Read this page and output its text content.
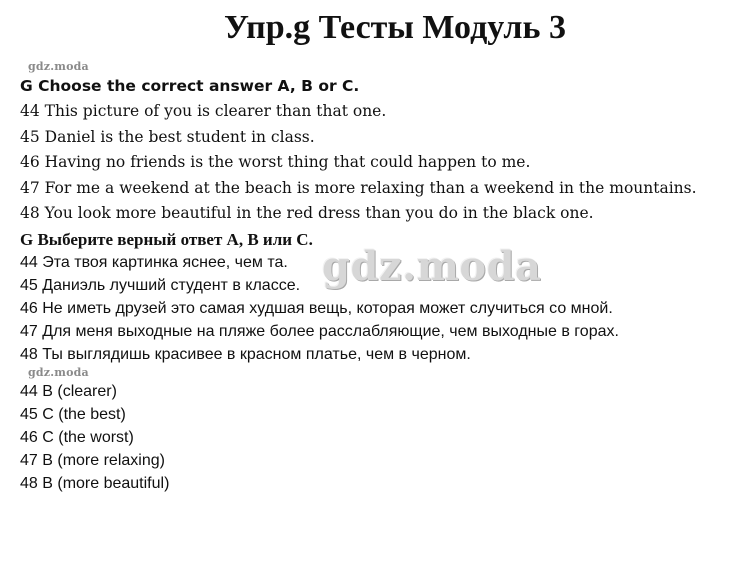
Упр.g Тесты Модуль 3
gdz.moda
G Choose the correct answer A, B or C.
44 This picture of you is clearer than that one.
45 Daniel is the best student in class.
46 Having no friends is the worst thing that could happen to me.
47 For me a weekend at the beach is more relaxing than a weekend in the mountains.
48 You look more beautiful in the red dress than you do in the black one.
G Выберите верный ответ А, В или С.
44 Эта твоя картинка яснее, чем та.
45 Даниэль лучший студент в классе.
46 Не иметь друзей это самая худшая вещь, которая может случиться со мной.
47 Для меня выходные на пляже более расслабляющие, чем выходные в горах.
48 Ты выглядишь красивее в красном платье, чем в черном.
gdz.moda
gdz.moda
44 B (clearer)
45 C (the best)
46 C (the worst)
47 B (more relaxing)
48 B (more beautiful)
